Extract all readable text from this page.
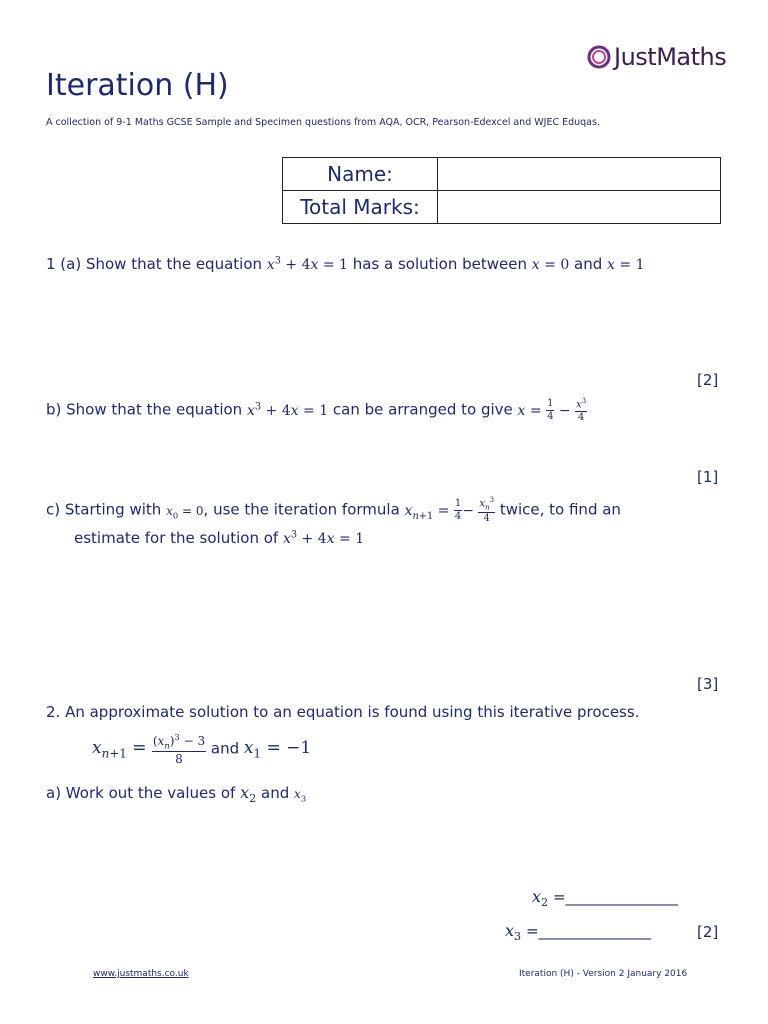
JustMaths
Iteration (H)
A collection of 9-1 Maths GCSE Sample and Specimen questions from AQA, OCR, Pearson-Edexcel and WJEC Eduqas.
Name:	
Total Marks:	
1 (a) Show that the equation $x^3 + 4x = 1$ has a solution between x = 0 and x = 1
[2]
b) Show that the equation $x^3 + 4x = 1$ can be arranged to give $x = \frac{1}{4} - \frac{x^3}{4}$
[1]
c) Starting with $x_0 = 0$, use the iteration formula $x_{n+1} = \frac{1}{4} - \frac{x_n^3}{4}$ twice, to find an
estimate for the solution of $x^3 + 4x = 1$
[3]
2. An approximate solution to an equation is found using this iterative process.
$x_{n+1} = \frac{(x_n)^3 - 3}{8}$ and $x_1 = -1$
a) Work out the values of $x_2$ and $x_3$
$x_2$ =_______________
$x_3$ =_______________	[2]
www.justmaths.co.uk	Iteration (H) - Version 2 January 2016
